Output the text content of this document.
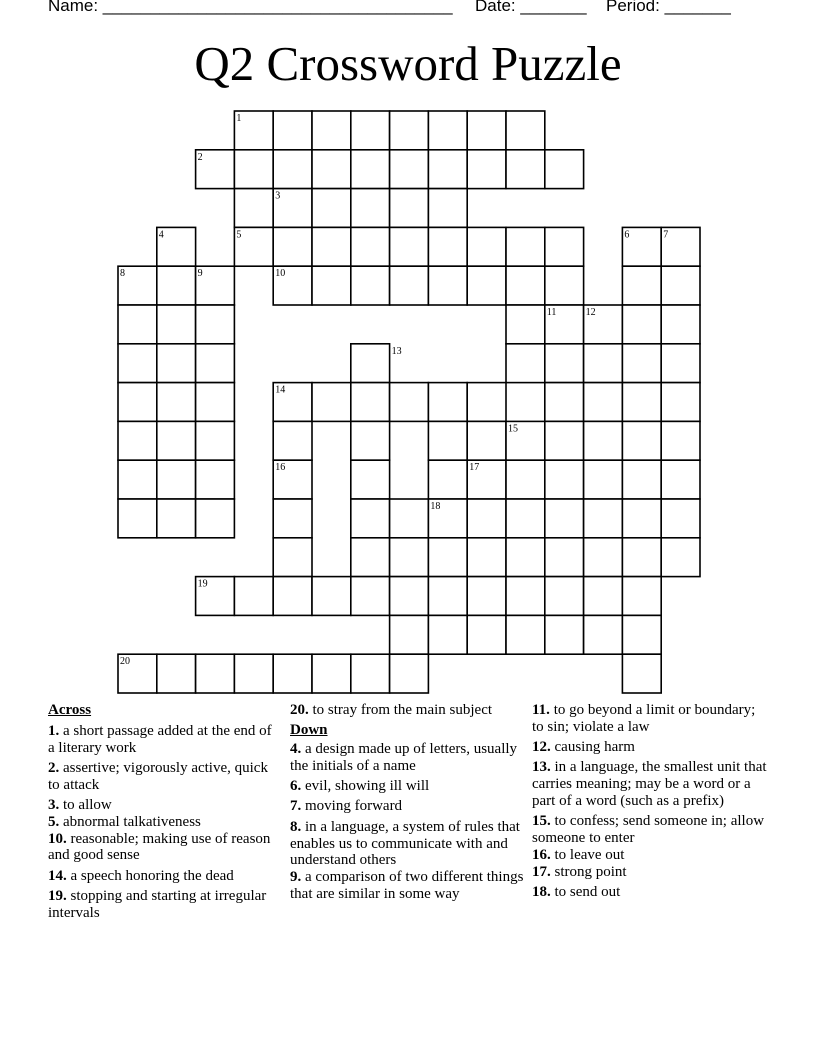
Name: _____________________________________ Date: _______ Period: _______
Q2 Crossword Puzzle
1
2
3
4	5	6	7
8	9	10
11	12
13
14
15
16	17
18
19
20
Across
1. a short passage added at the end of a literary work
2. assertive; vigorously active, quick to attack
3. to allow
5. abnormal talkativeness
10. reasonable; making use of reason and good sense
14. a speech honoring the dead
19. stopping and starting at irregular intervals
20. to stray from the main subject
Down
4. a design made up of letters, usually the initials of a name
6. evil, showing ill will
7. moving forward
8. in a language, a system of rules that enables us to communicate with and understand others
9. a comparison of two different things that are similar in some way
11. to go beyond a limit or boundary; to sin; violate a law
12. causing harm
13. in a language, the smallest unit that carries meaning; may be a word or a part of a word (such as a prefix)
15. to confess; send someone in; allow someone to enter
16. to leave out
17. strong point
18. to send out
